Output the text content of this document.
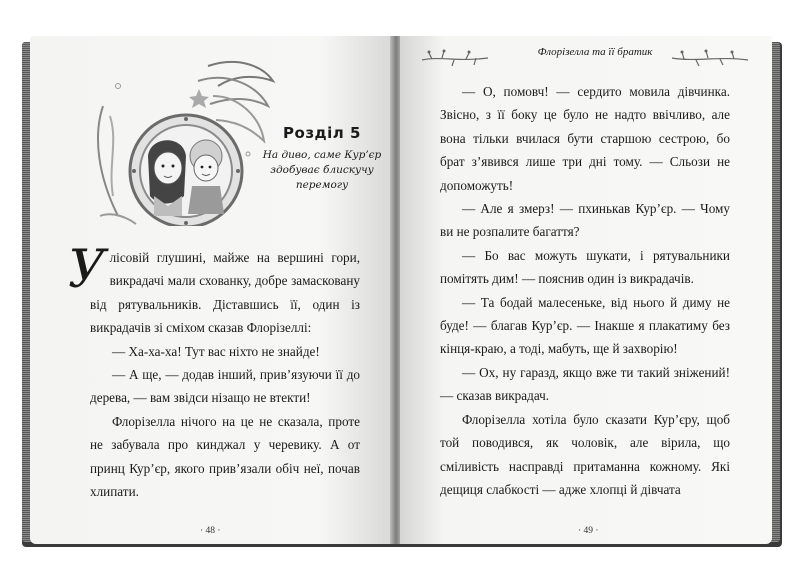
Розділ 5
На диво, саме Кур’єр здобуває блискучу перемогу

Улісовій глушині, майже на вершині гори, викрадачі мали схованку, добре замасковану від рятувальників. Діставшись її, один із викрадачів зі сміхом сказав Флорізеллі:

— Ха-ха-ха! Тут вас ніхто не знайде!

— А ще, — додав інший, прив’язуючи її до дерева, — вам звідси нізащо не втекти!

Флорізелла нічого на це не сказала, проте не забувала про кинджал у черевику. А от принц Кур’єр, якого прив’язали обіч неї, почав хлипати.

· 48 ·
Флорізелла та її братик

— О, помовч! — сердито мовила дівчинка. Звісно, з її боку це було не надто ввічливо, але вона тільки вчилася бути старшою сестрою, бо брат з’явився лише три дні тому. — Сльози не допоможуть!

— Але я змерз! — пхинькав Кур’єр. — Чому ви не розпалите багаття?

— Бо вас можуть шукати, і рятувальники помітять дим! — пояснив один із викрадачів.

— Та бодай малесеньке, від нього й диму не буде! — благав Кур’єр. — Інакше я плакатиму без кінця-краю, а тоді, мабуть, ще й захворію!

— Ох, ну гаразд, якщо вже ти такий зніжений! — сказав викрадач.

Флорізелла хотіла було сказати Кур’єру, щоб той поводився, як чоловік, але вірила, що сміливість насправді притаманна кожному. Які дещиця слабкості — адже хлопці й дівчата

· 49 ·
